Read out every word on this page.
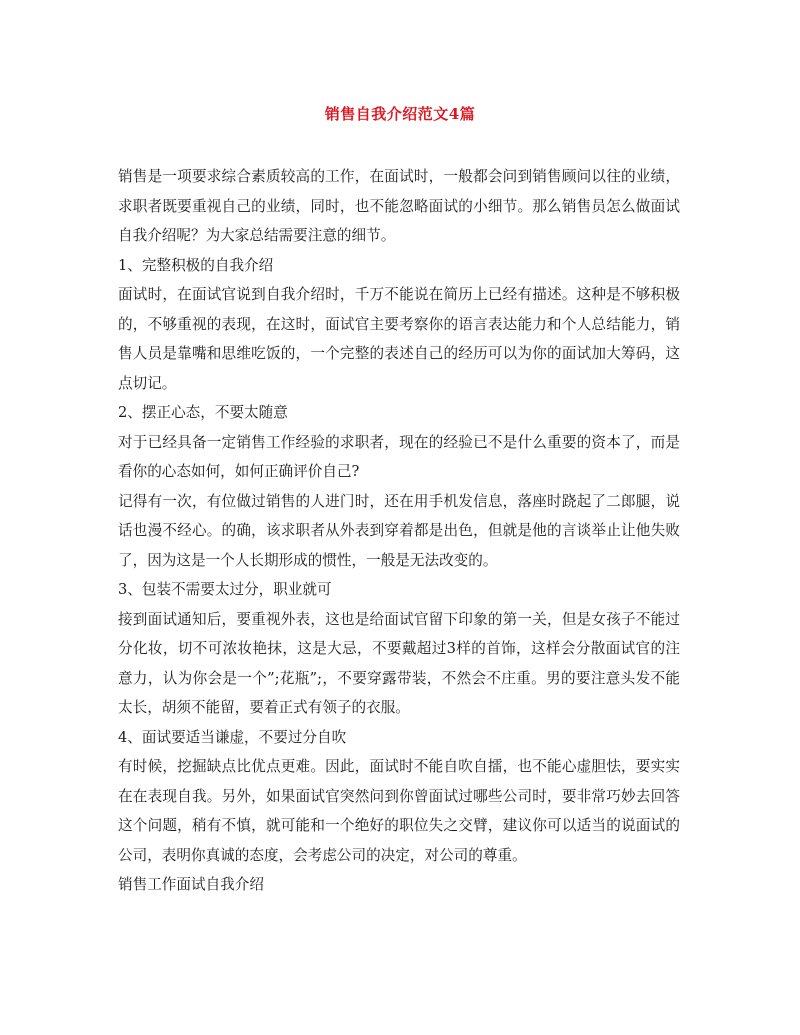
销售自我介绍范文4篇

销售是一项要求综合素质较高的工作，在面试时，一般都会问到销售顾问以往的业绩，求职者既要重视自己的业绩，同时，也不能忽略面试的小细节。那么销售员怎么做面试自我介绍呢？为大家总结需要注意的细节。

1、完整积极的自我介绍

面试时，在面试官说到自我介绍时，千万不能说在简历上已经有描述。这种是不够积极的，不够重视的表现，在这时，面试官主要考察你的语言表达能力和个人总结能力，销售人员是靠嘴和思维吃饭的，一个完整的表述自己的经历可以为你的面试加大筹码，这点切记。

2、摆正心态，不要太随意

对于已经具备一定销售工作经验的求职者，现在的经验已不是什么重要的资本了，而是看你的心态如何，如何正确评价自己?

记得有一次，有位做过销售的人进门时，还在用手机发信息，落座时跷起了二郎腿，说话也漫不经心。的确，该求职者从外表到穿着都是出色，但就是他的言谈举止让他失败了，因为这是一个人长期形成的惯性，一般是无法改变的。

3、包装不需要太过分，职业就可

接到面试通知后，要重视外表，这也是给面试官留下印象的第一关，但是女孩子不能过分化妆，切不可浓妆艳抹，这是大忌，不要戴超过3样的首饰，这样会分散面试官的注意力，认为你会是一个”;花瓶”;，不要穿露带装，不然会不庄重。男的要注意头发不能太长，胡须不能留，要着正式有领子的衣服。

4、面试要适当谦虚，不要过分自吹

有时候，挖掘缺点比优点更难。因此，面试时不能自吹自擂，也不能心虚胆怯，要实实在在表现自我。另外，如果面试官突然问到你曾面试过哪些公司时，要非常巧妙去回答这个问题，稍有不慎，就可能和一个绝好的职位失之交臂，建议你可以适当的说面试的公司，表明你真诚的态度，会考虑公司的决定，对公司的尊重。

销售工作面试自我介绍
